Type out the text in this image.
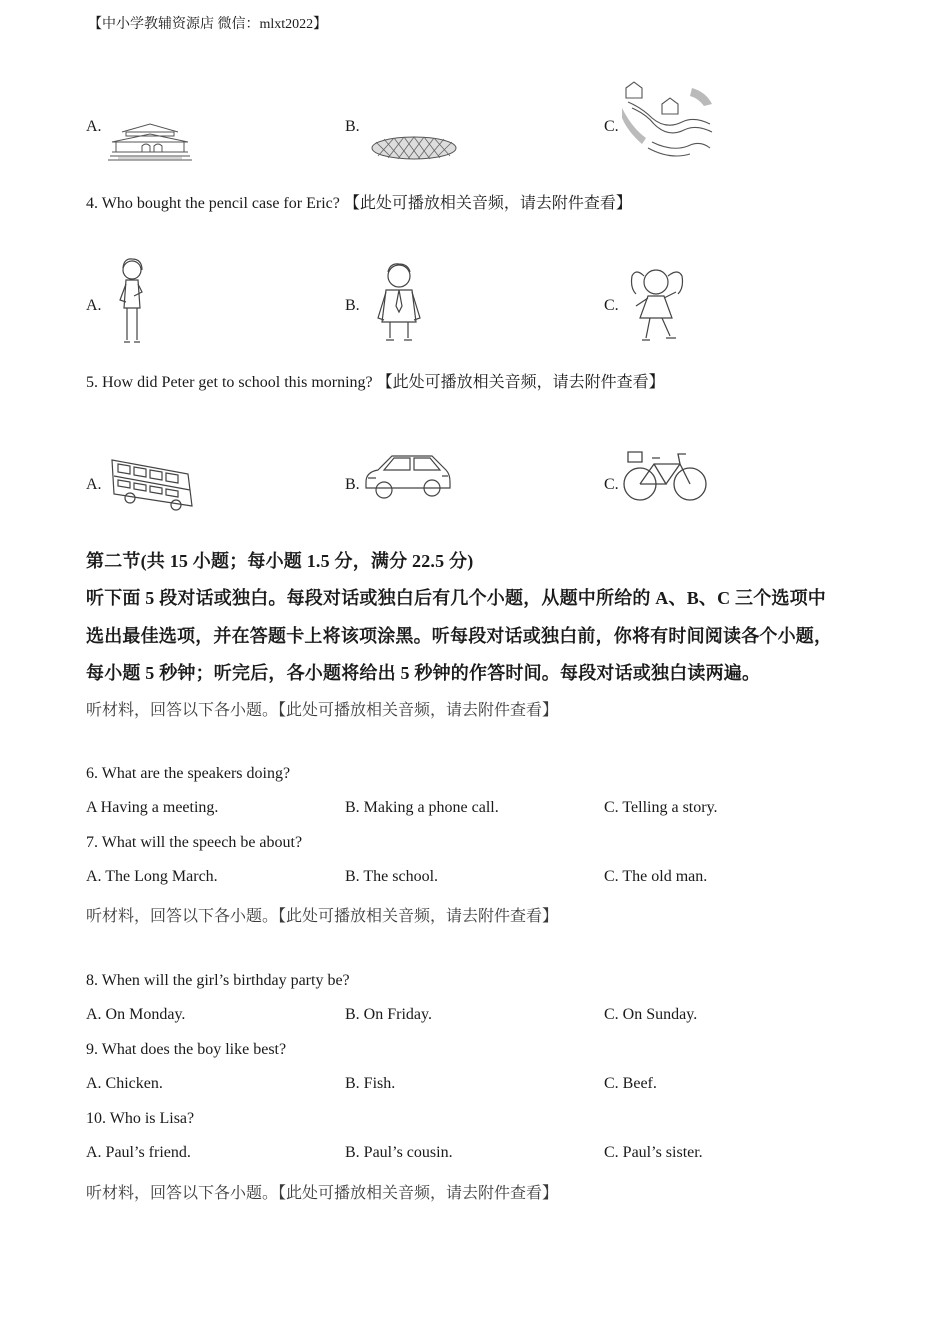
【中小学教辅资源店 微信：mlxt2022】
A.	B.	C.
4. Who bought the pencil case for Eric? 【此处可播放相关音频，请去附件查看】
A.	B.	C.
5. How did Peter get to school this morning? 【此处可播放相关音频，请去附件查看】
A.	B.	C.
第二节(共 15 小题；每小题 1.5 分，满分 22.5 分)
听下面 5 段对话或独白。每段对话或独白后有几个小题，从题中所给的 A、B、C 三个选项中
选出最佳选项，并在答题卡上将该项涂黑。听每段对话或独白前，你将有时间阅读各个小题，
每小题 5 秒钟；听完后，各小题将给出 5 秒钟的作答时间。每段对话或独白读两遍。
听材料，回答以下各小题。【此处可播放相关音频，请去附件查看】
6. What are the speakers doing?
A Having a meeting.	B. Making a phone call.	C. Telling a story.
7. What will the speech be about?
A. The Long March.	B. The school.	C. The old man.
听材料，回答以下各小题。【此处可播放相关音频，请去附件查看】
8. When will the girl’s birthday party be?
A. On Monday.	B. On Friday.	C. On Sunday.
9. What does the boy like best?
A. Chicken.	B. Fish.	C. Beef.
10. Who is Lisa?
A. Paul’s friend.	B. Paul’s cousin.	C. Paul’s sister.
听材料，回答以下各小题。【此处可播放相关音频，请去附件查看】
